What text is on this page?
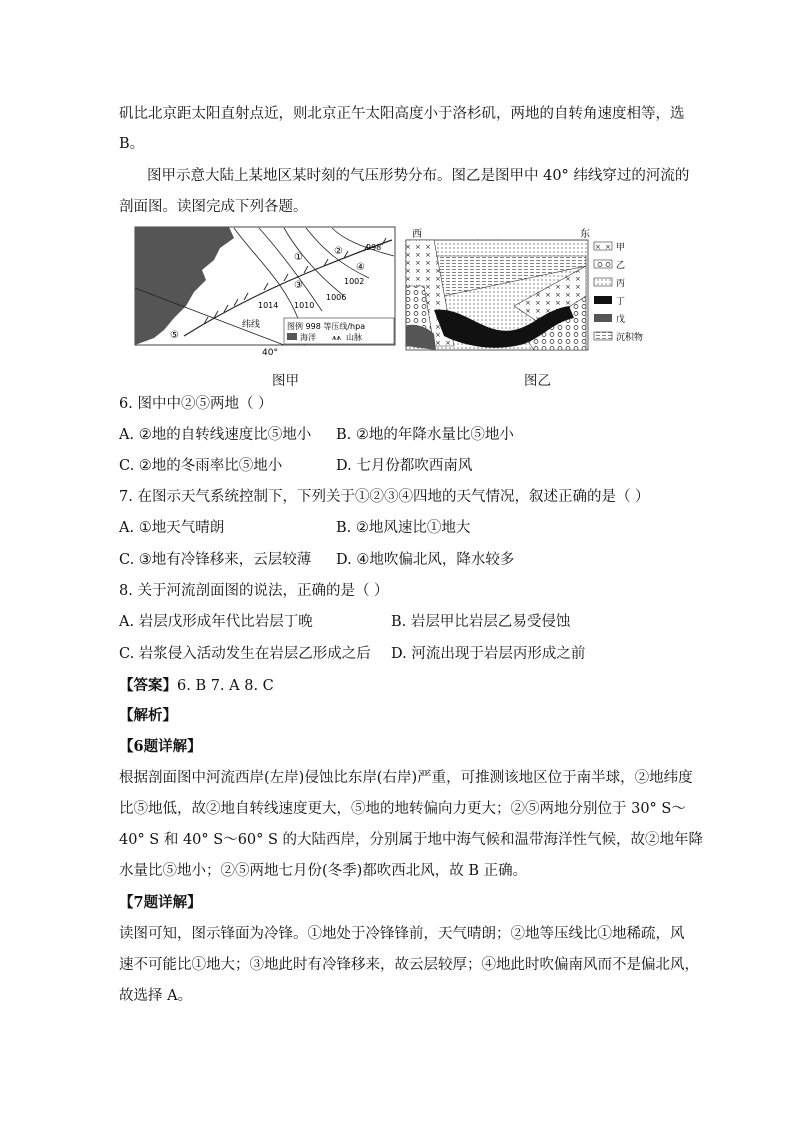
矶比北京距太阳直射点近，则北京正午太阳高度小于洛杉矶，两地的自转角速度相等，选
B。
图甲示意大陆上某地区某时刻的气压形势分布。图乙是图甲中 40° 纬线穿过的河流的
剖面图。读图完成下列各题。
纬线
40°
1014 1010
1006
1002
998
①
②
③
④
⑤
图例 998 等压线/hpa
海洋 ⩚⩚ 山脉
图甲
西	东
甲
乙
丙
丁
戊
沉积物
图乙
6. 图中中②⑤两地（ ）
A. ②地的自转线速度比⑤地小 B. ②地的年降水量比⑤地小
C. ②地的冬雨率比⑤地小	D. 七月份都吹西南风
7. 在图示天气系统控制下，下列关于①②③④四地的天气情况，叙述正确的是（ ）
A. ①地天气晴朗	B. ②地风速比①地大
C. ③地有冷锋移来，云层较薄 D. ④地吹偏北风，降水较多
8. 关于河流剖面图的说法，正确的是（ ）
A. 岩层戊形成年代比岩层丁晚	B. 岩层甲比岩层乙易受侵蚀
C. 岩浆侵入活动发生在岩层乙形成之后 D. 河流出现于岩层丙形成之前
【答案】6. B 7. A 8. C
【解析】
【6题详解】
根据剖面图中河流西岸(左岸)侵蚀比东岸(右岸)严重，可推测该地区位于南半球，②地纬度
比⑤地低，故②地自转线速度更大，⑤地的地转偏向力更大；②⑤两地分别位于 30° S～
40° S 和 40° S～60° S 的大陆西岸，分别属于地中海气候和温带海洋性气候，故②地年降
水量比⑤地小；②⑤两地七月份(冬季)都吹西北风，故 B 正确。
【7题详解】
读图可知，图示锋面为冷锋。①地处于冷锋锋前，天气晴朗；②地等压线比①地稀疏，风
速不可能比①地大；③地此时有冷锋移来，故云层较厚；④地此时吹偏南风而不是偏北风，
故选择 A。
